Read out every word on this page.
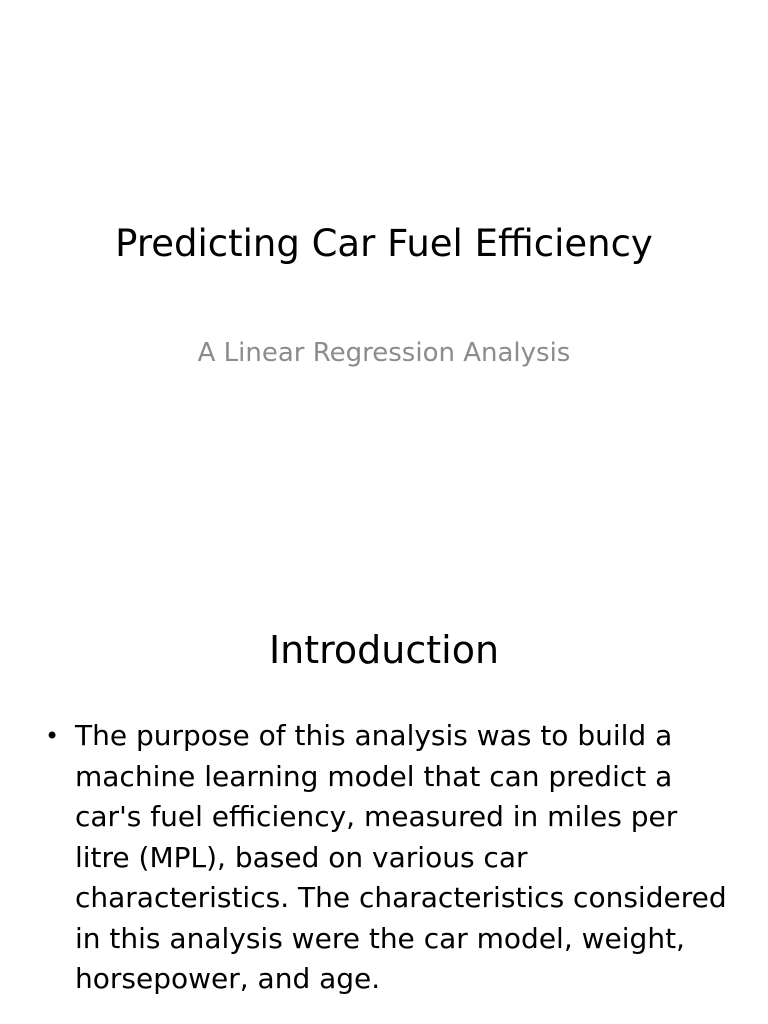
Predicting Car Fuel Efficiency

A Linear Regression Analysis

Introduction
• The purpose of this analysis was to build a machine learning model that can predict a car's fuel efficiency, measured in miles per litre (MPL), based on various car characteristics. The characteristics considered in this analysis were the car model, weight, horsepower, and age.
